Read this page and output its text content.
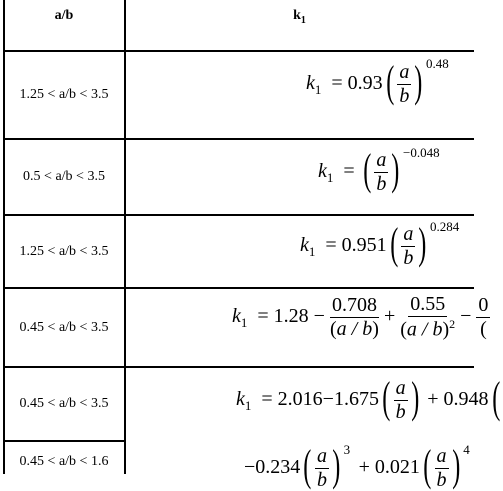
a/b	k 1
1.25 < a/b < 3.5
0.5 < a/b < 3.5
1.25 < a/b < 3.5
0.45 < a/b < 3.5
0.45 < a/b < 3.5
0.45 < a/b < 1.6
$k_1 = 0.93( \frac{a}{b}$ ) 0.48
$k_1$  = ( $\frac{a}{b}$ ) −0.048
$k_1 = 0.951( \frac{a}{b}$ ) 0.284
$k_1 = 1.28 - \frac{0.708}{(a / b)} + \frac{0.55}{(a / b)^2} - \frac{0}{(}$
$k_1 = 2.016-1.675( \frac{a}{b}$ ) + 0.948(
$-0.234( \frac{a}{b}$ ) 3
+ $0.021( \frac{a}{b}$ ) 4
